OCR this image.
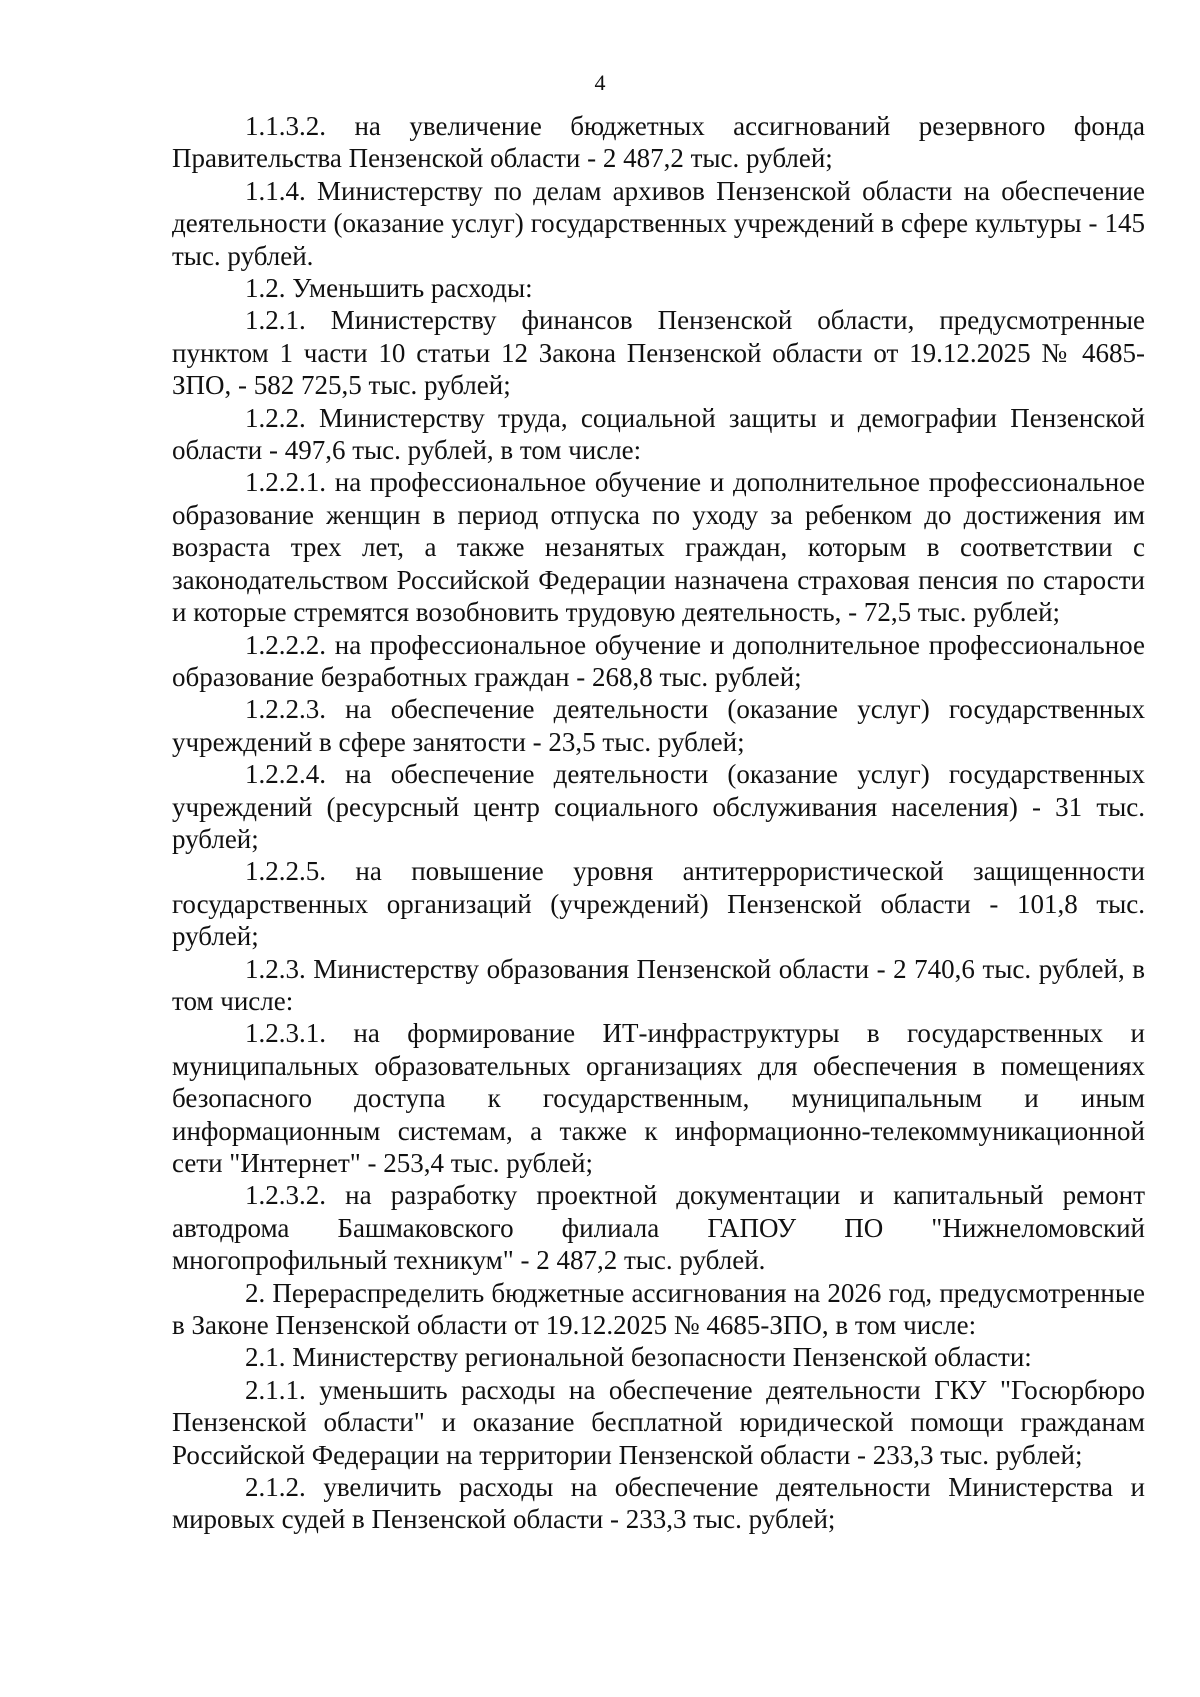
4

1.1.3.2. на увеличение бюджетных ассигнований резервного фонда Правительства Пензенской области - 2 487,2 тыс. рублей;

1.1.4. Министерству по делам архивов Пензенской области на обеспечение деятельности (оказание услуг) государственных учреждений в сфере культуры - 145 тыс. рублей.

1.2. Уменьшить расходы:

1.2.1. Министерству финансов Пензенской области, предусмотренные пунктом 1 части 10 статьи 12 Закона Пензенской области от 19.12.2025 № 4685-ЗПО, - 582 725,5 тыс. рублей;

1.2.2. Министерству труда, социальной защиты и демографии Пензенской области - 497,6 тыс. рублей, в том числе:

1.2.2.1. на профессиональное обучение и дополнительное профессиональное образование женщин в период отпуска по уходу за ребенком до достижения им возраста трех лет, а также незанятых граждан, которым в соответствии с законодательством Российской Федерации назначена страховая пенсия по старости и которые стремятся возобновить трудовую деятельность, - 72,5 тыс. рублей;

1.2.2.2. на профессиональное обучение и дополнительное профессиональное образование безработных граждан - 268,8 тыс. рублей;

1.2.2.3. на обеспечение деятельности (оказание услуг) государственных учреждений в сфере занятости - 23,5 тыс. рублей;

1.2.2.4. на обеспечение деятельности (оказание услуг) государственных учреждений (ресурсный центр социального обслуживания населения) - 31 тыс. рублей;

1.2.2.5. на повышение уровня антитеррористической защищенности государственных организаций (учреждений) Пензенской области - 101,8 тыс. рублей;

1.2.3. Министерству образования Пензенской области - 2 740,6 тыс. рублей, в том числе:

1.2.3.1. на формирование ИТ-инфраструктуры в государственных и муниципальных образовательных организациях для обеспечения в помещениях безопасного доступа к государственным, муниципальным и иным информационным системам, а также к информационно-телекоммуникационной сети "Интернет" - 253,4 тыс. рублей;

1.2.3.2. на разработку проектной документации и капитальный ремонт автодрома Башмаковского филиала ГАПОУ ПО "Нижнеломовский многопрофильный техникум" - 2 487,2 тыс. рублей.

2. Перераспределить бюджетные ассигнования на 2026 год, предусмотренные в Законе Пензенской области от 19.12.2025 № 4685-ЗПО, в том числе:

2.1. Министерству региональной безопасности Пензенской области:

2.1.1. уменьшить расходы на обеспечение деятельности ГКУ "Госюрбюро Пензенской области" и оказание бесплатной юридической помощи гражданам Российской Федерации на территории Пензенской области - 233,3 тыс. рублей;

2.1.2. увеличить расходы на обеспечение деятельности Министерства и мировых судей в Пензенской области - 233,3 тыс. рублей;
